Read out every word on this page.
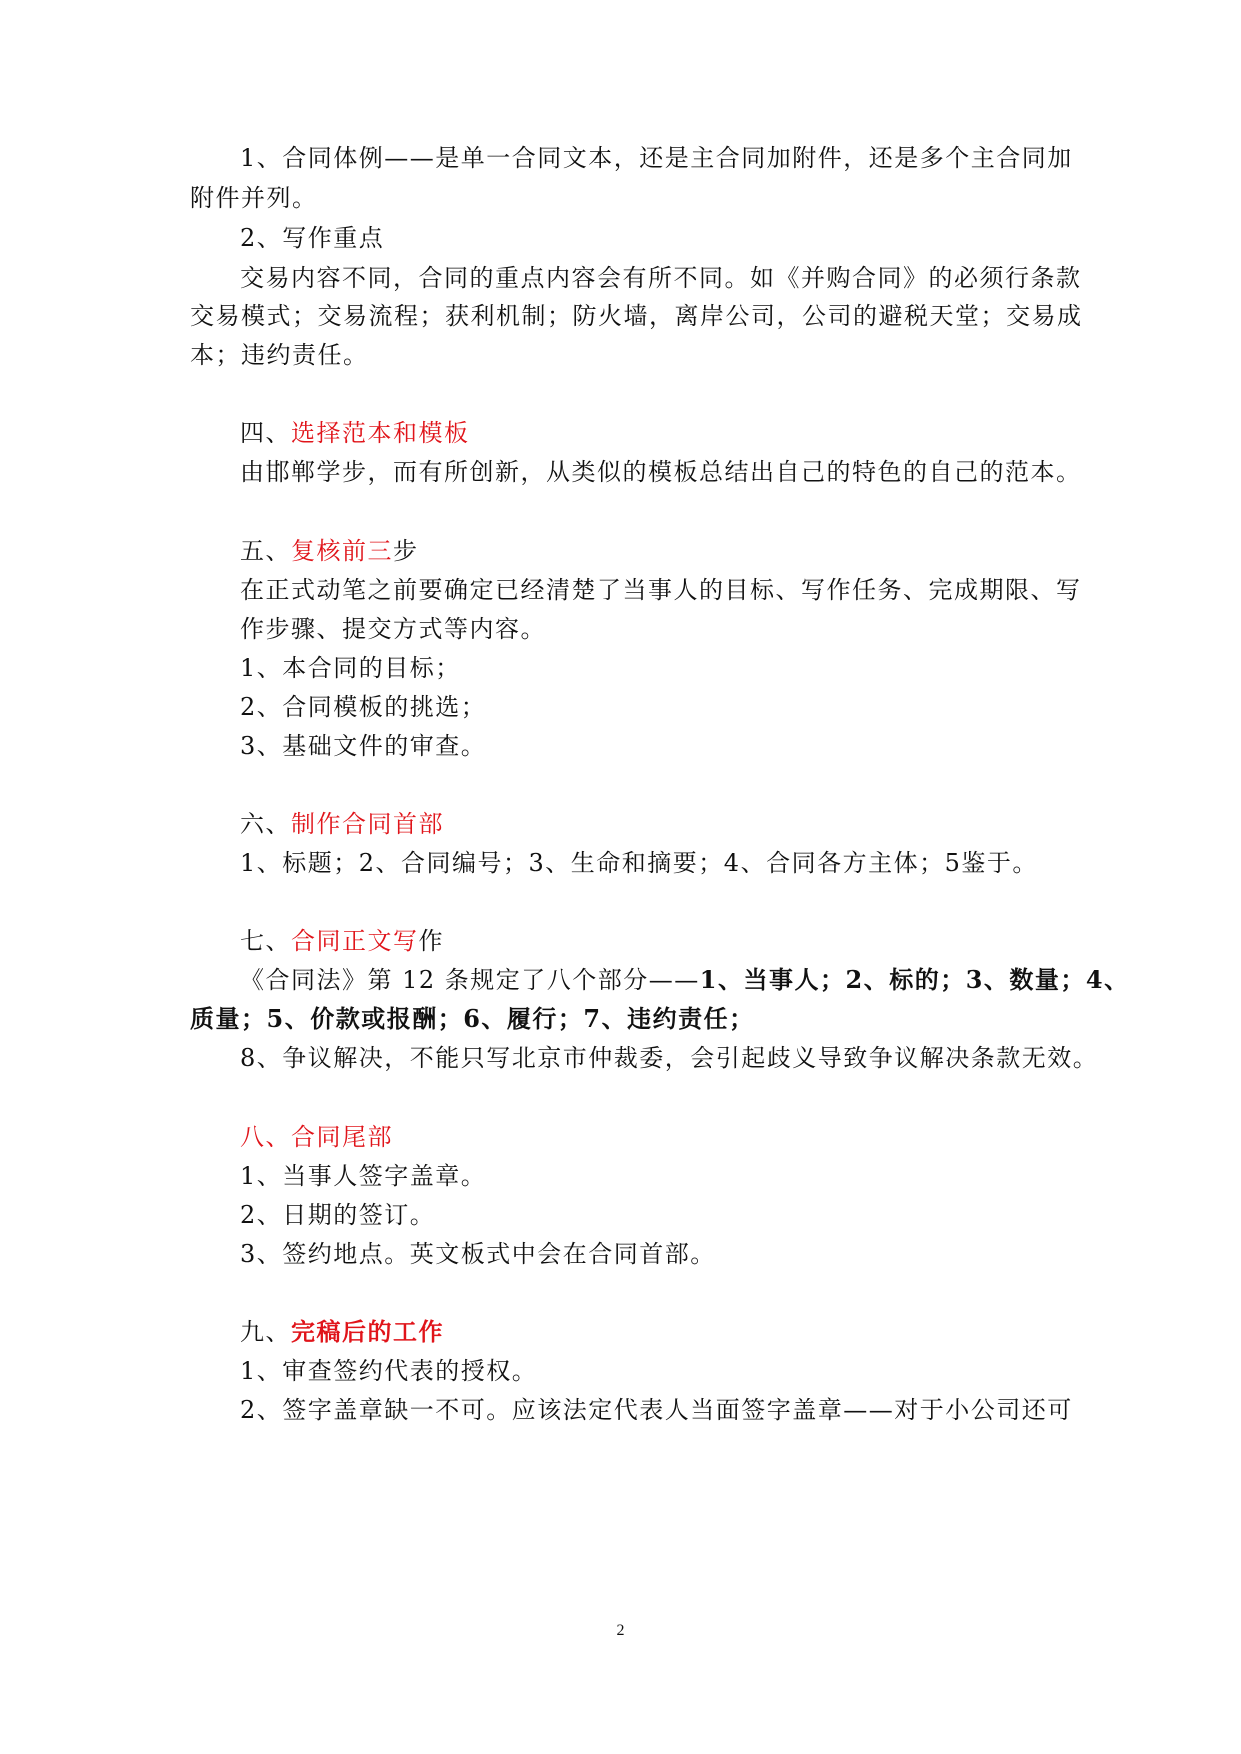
1、合同体例——是单一合同文本，还是主合同加附件，还是多个主合同加
附件并列。
2、写作重点
交易内容不同，合同的重点内容会有所不同。如《并购合同》的必须行条款
交易模式；交易流程；获利机制；防火墙，离岸公司，公司的避税天堂；交易成
本；违约责任。
四、选择范本和模板
由邯郸学步，而有所创新，从类似的模板总结出自己的特色的自己的范本。
五、复核前三步
在正式动笔之前要确定已经清楚了当事人的目标、写作任务、完成期限、写
作步骤、提交方式等内容。
1、本合同的目标；
2、合同模板的挑选；
3、基础文件的审查。
六、制作合同首部
1、标题；2、合同编号；3、生命和摘要；4、合同各方主体；5鉴于。
七、合同正文写作
《合同法》第 12 条规定了八个部分——1、当事人；2、标的；3、数量；4、
质量；5、价款或报酬；6、履行；7、违约责任；
8、争议解决，不能只写北京市仲裁委，会引起歧义导致争议解决条款无效。
八、合同尾部
1、当事人签字盖章。
2、日期的签订。
3、签约地点。英文板式中会在合同首部。
九、完稿后的工作
1、审查签约代表的授权。
2、签字盖章缺一不可。应该法定代表人当面签字盖章——对于小公司还可
2
